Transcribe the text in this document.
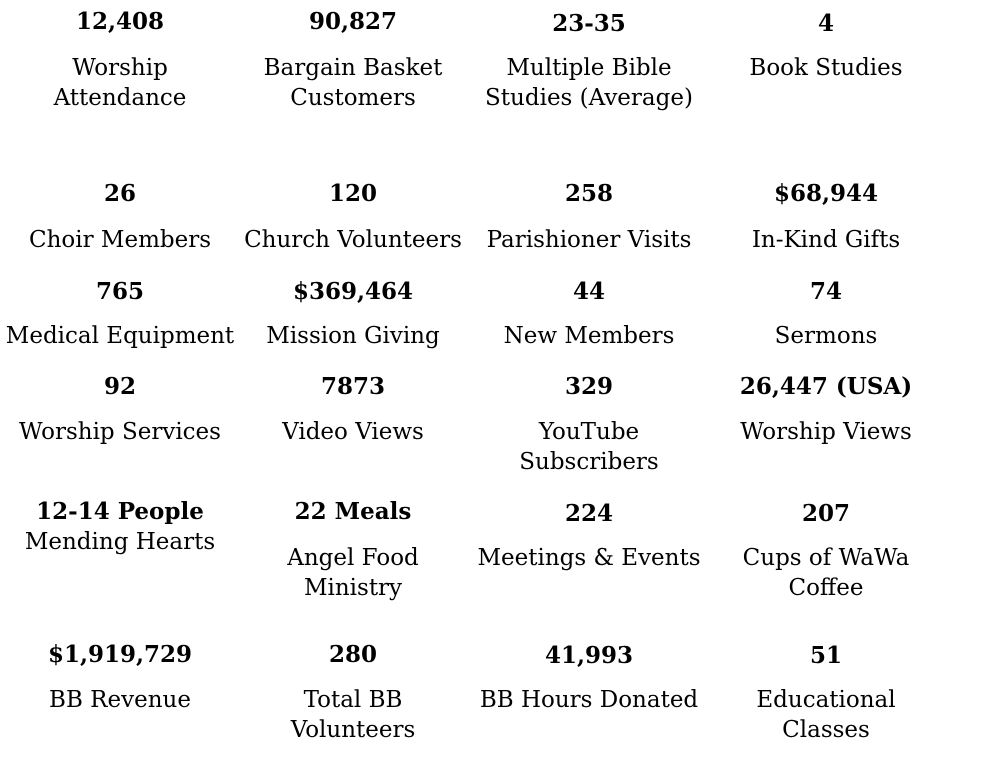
12,408
Worship
Attendance
90,827
Bargain Basket
Customers
23-35
Multiple Bible
Studies (Average)
4
Book Studies
26
Choir Members
120
Church Volunteers
258
Parishioner Visits
$68,944
In-Kind Gifts
765
Medical Equipment
$369,464
Mission Giving
44
New Members
74
Sermons
92
Worship Services
7873
Video Views
329
YouTube
Subscribers
26,447 (USA)
Worship Views
12-14 People
Mending Hearts
22 Meals
Angel Food
Ministry
224
Meetings & Events
207
Cups of WaWa
Coffee
$1,919,729
BB Revenue
280
Total BB
Volunteers
41,993
BB Hours Donated
51
Educational
Classes
